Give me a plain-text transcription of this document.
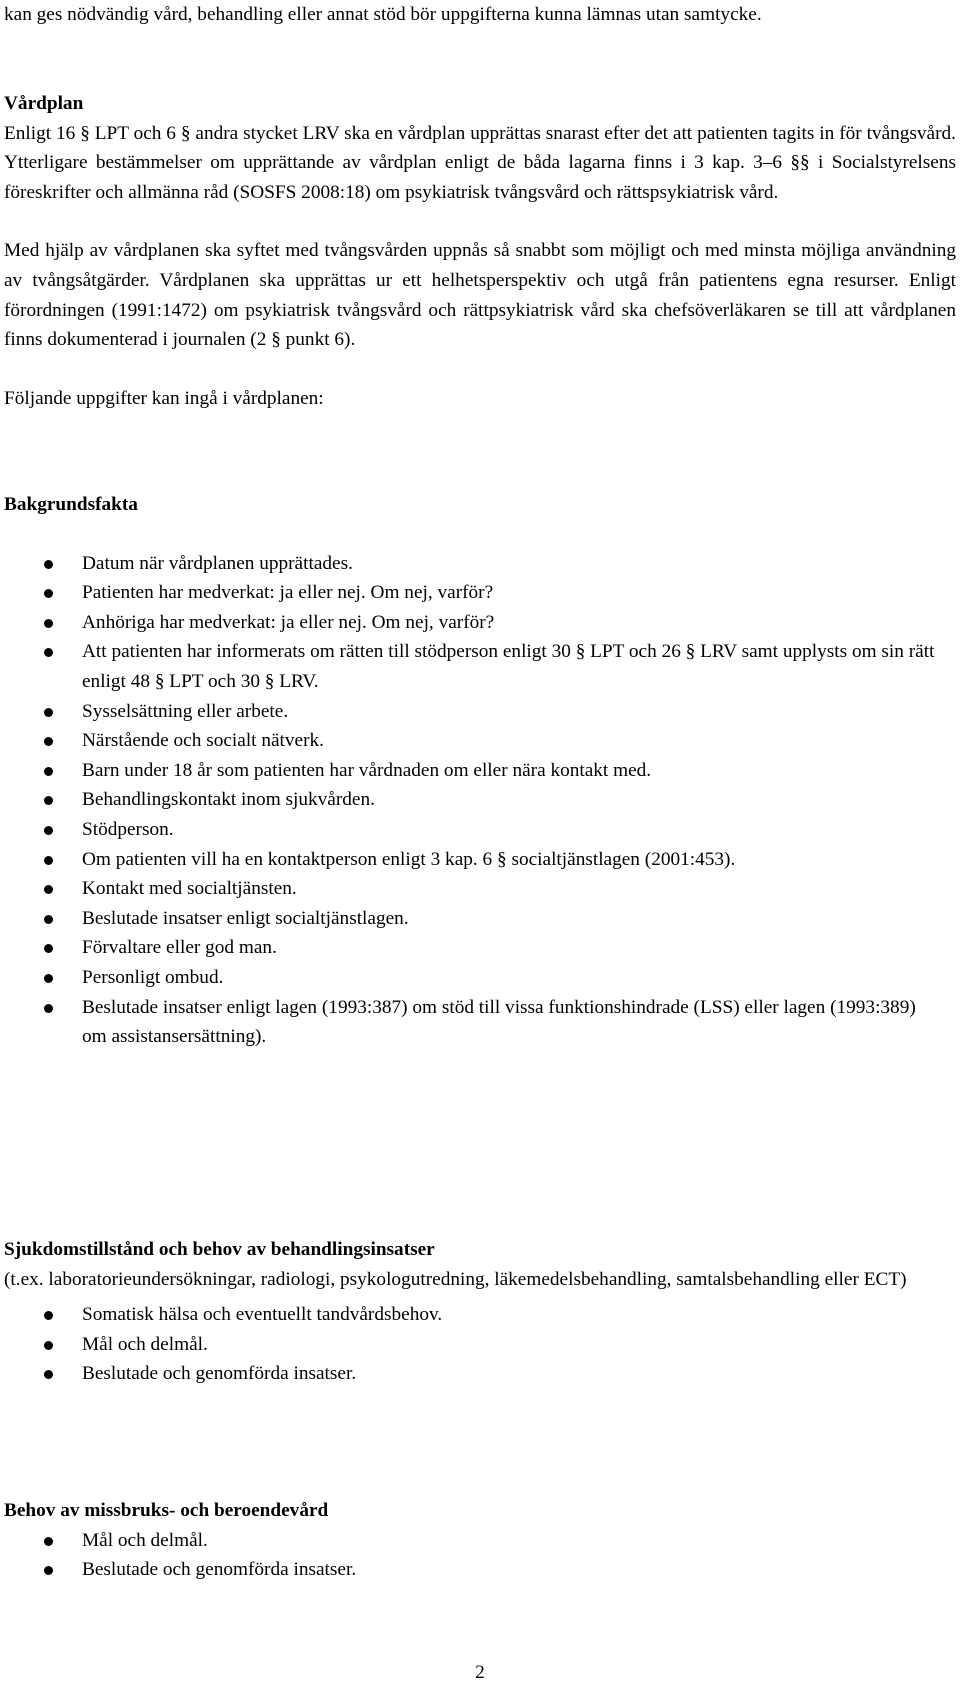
kan ges nödvändig vård, behandling eller annat stöd bör uppgifterna kunna lämnas utan samtycke.

Vårdplan

Enligt 16 § LPT och 6 § andra stycket LRV ska en vårdplan upprättas snarast efter det att patienten tagits in för tvångsvård. Ytterligare bestämmelser om upprättande av vårdplan enligt de båda lagarna finns i 3 kap. 3–6 §§ i Socialstyrelsens föreskrifter och allmänna råd (SOSFS 2008:18) om psykiatrisk tvångsvård och rättspsykiatrisk vård.

Med hjälp av vårdplanen ska syftet med tvångsvården uppnås så snabbt som möjligt och med minsta möjliga användning av tvångsåtgärder. Vårdplanen ska upprättas ur ett helhetsperspektiv och utgå från patientens egna resurser. Enligt förordningen (1991:1472) om psykiatrisk tvångsvård och rättpsykiatrisk vård ska chefsöverläkaren se till att vårdplanen finns dokumenterad i journalen (2 § punkt 6).

Följande uppgifter kan ingå i vårdplanen:

Bakgrundsfakta

Datum när vårdplanen upprättades.
Patienten har medverkat: ja eller nej. Om nej, varför?
Anhöriga har medverkat: ja eller nej. Om nej, varför?
Att patienten har informerats om rätten till stödperson enligt 30 § LPT och 26 § LRV samt upplysts om sin rätt enligt 48 § LPT och 30 § LRV.
Sysselsättning eller arbete.
Närstående och socialt nätverk.
Barn under 18 år som patienten har vårdnaden om eller nära kontakt med.
Behandlingskontakt inom sjukvården.
Stödperson.
Om patienten vill ha en kontaktperson enligt 3 kap. 6 § socialtjänstlagen (2001:453).
Kontakt med socialtjänsten.
Beslutade insatser enligt socialtjänstlagen.
Förvaltare eller god man.
Personligt ombud.
Beslutade insatser enligt lagen (1993:387) om stöd till vissa funktionshindrade (LSS) eller lagen (1993:389) om assistansersättning).

Sjukdomstillstånd och behov av behandlingsinsatser

(t.ex. laboratorieundersökningar, radiologi, psykologutredning, läkemedelsbehandling, samtalsbehandling eller ECT)

Somatisk hälsa och eventuellt tandvårdsbehov.
Mål och delmål.
Beslutade och genomförda insatser.

Behov av missbruks- och beroendevård

Mål och delmål.
Beslutade och genomförda insatser.
2
